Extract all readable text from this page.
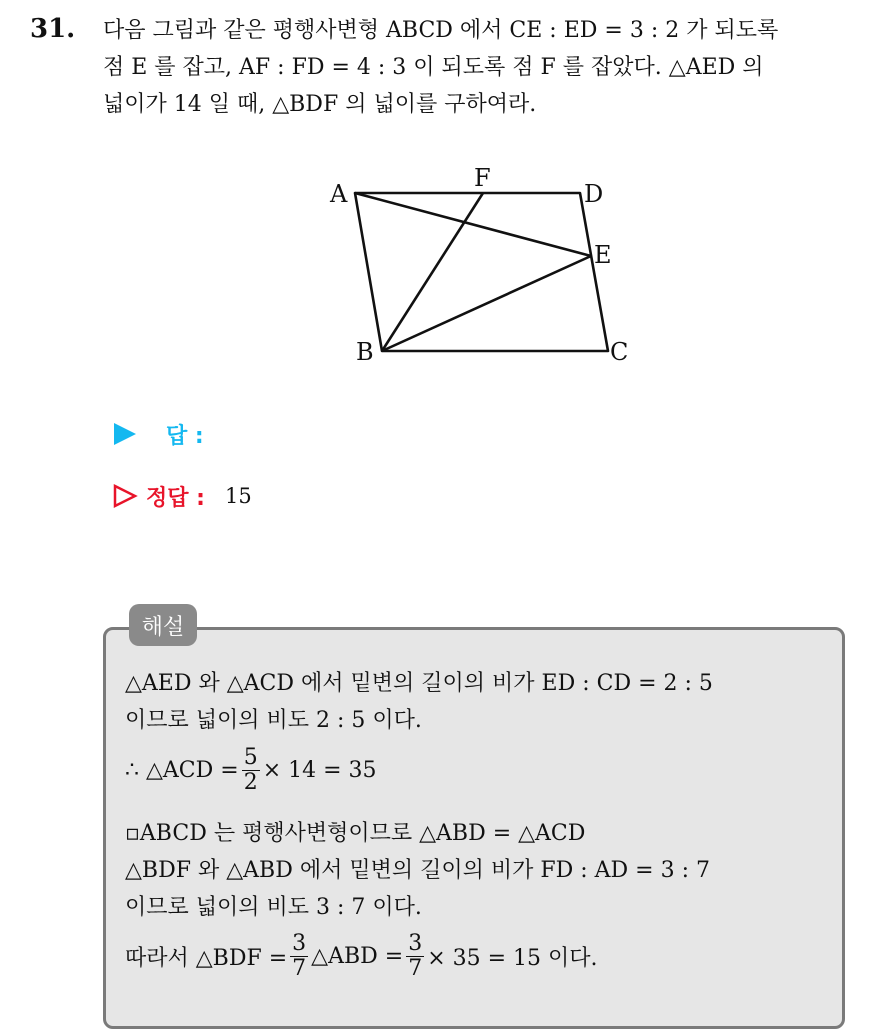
31. 다음 그림과 같은 평행사변형 ABCD 에서 CE : ED = 3 : 2 가 되도록

점 E 를 잡고, AF : FD = 4 : 3 이 되도록 점 F 를 잡았다. △AED 의

넓이가 14 일 때, △BDF 의 넓이를 구하여라.

A
F
D
E
B	C
답 :
정답 : 15
해설
△AED 와 △ACD 에서 밑변의 길이의 비가 ED : CD = 2 : 5
이므로 넓이의 비도 2 : 5 이다.
∴ △ACD = $\frac{5}{2} \times 14 = 35$
▫ABCD 는 평행사변형이므로 △ABD = △ACD
△BDF 와 △ABD 에서 밑변의 길이의 비가 FD : AD = 3 : 7
이므로 넓이의 비도 3 : 7 이다.
따라서 △BDF = $\frac{3}{7}$ △ABD = $\frac{3}{7} \times 35 = 15$ 이다.
